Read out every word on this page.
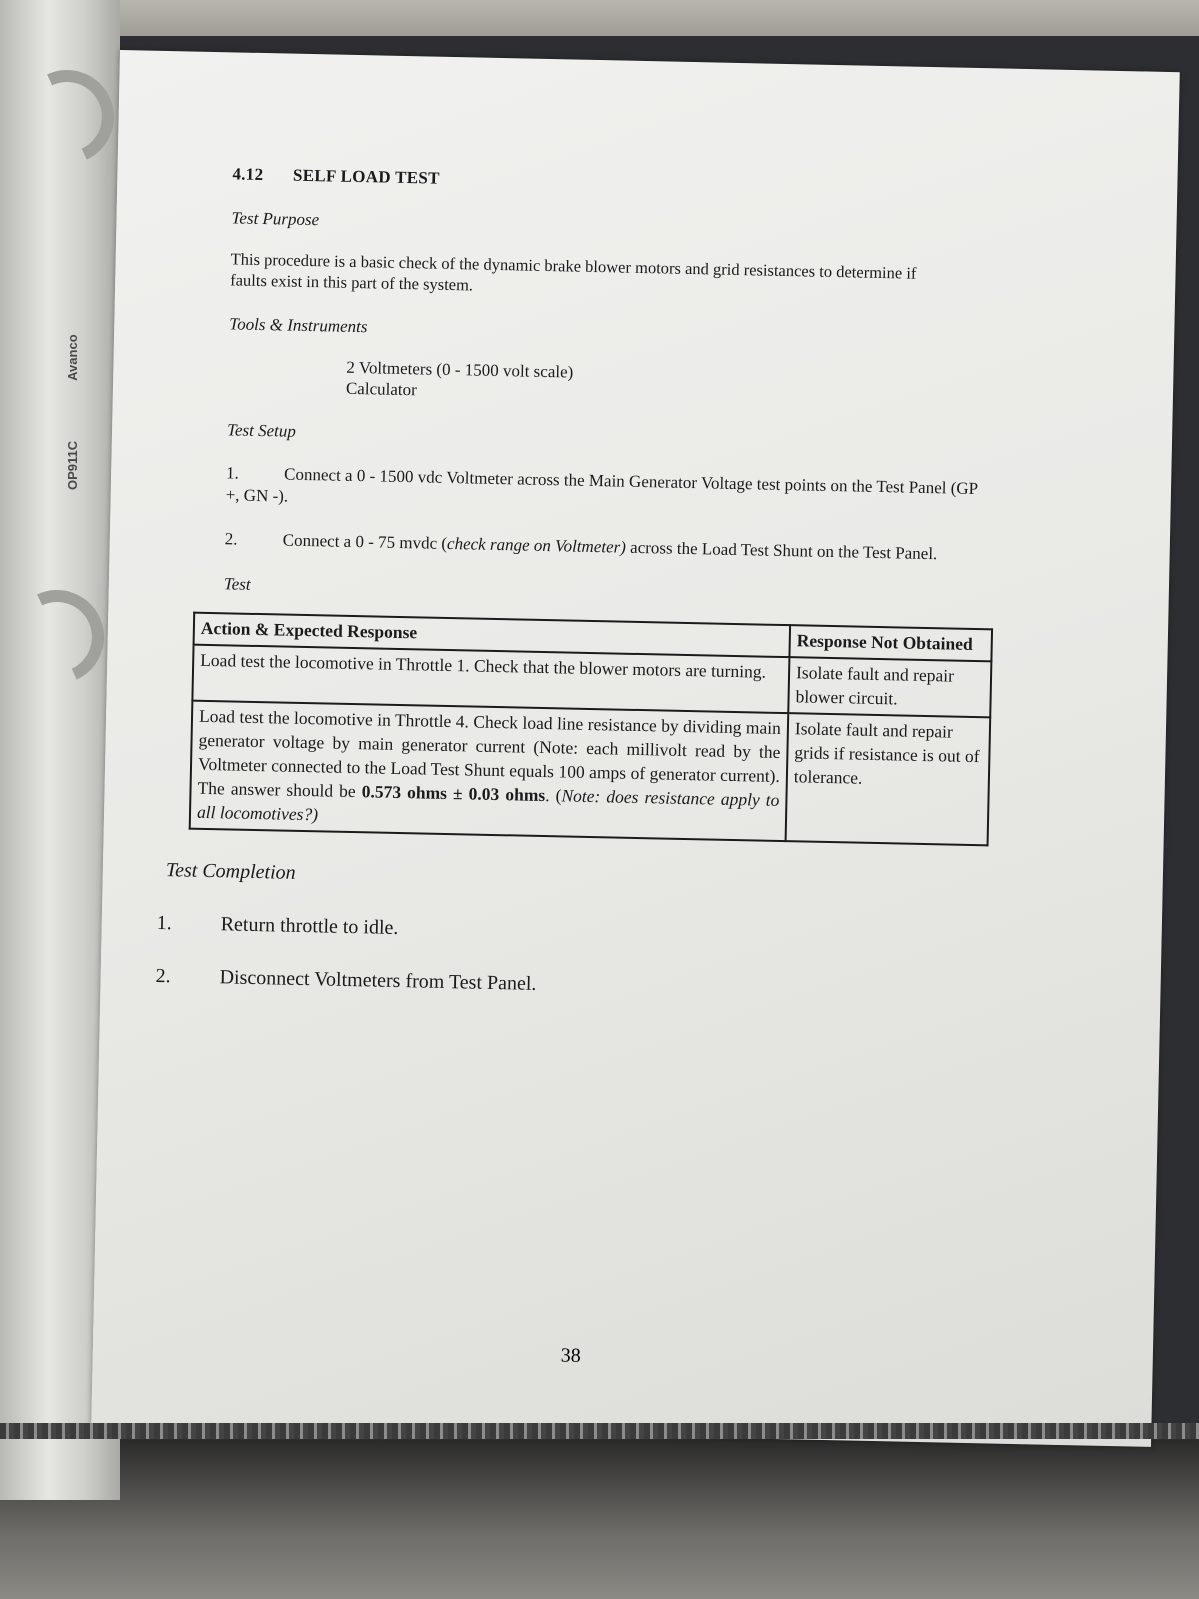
OP911C
Avanco
4.12 SELF LOAD TEST
Test Purpose
This procedure is a basic check of the dynamic brake blower motors and grid resistances to determine if faults exist in this part of the system.
Tools & Instruments
2 Voltmeters (0 - 1500 volt scale)
Calculator
Test Setup
1.	Connect a 0 - 1500 vdc Voltmeter across the Main Generator Voltage test points on the Test Panel (GP +, GN -).
2.	Connect a 0 - 75 mvdc (check range on Voltmeter) across the Load Test Shunt on the Test Panel.
Test
Action & Expected Response	Response Not Obtained
Load test the locomotive in Throttle 1. Check that the blower motors are turning.	Isolate fault and repair blower circuit.
Load test the locomotive in Throttle 4. Check load line resistance by dividing main generator voltage by main generator current (Note: each millivolt read by the Voltmeter connected to the Load Test Shunt equals 100 amps of generator current). The answer should be 0.573 ohms ± 0.03 ohms. (Note: does resistance apply to all locomotives?)	Isolate fault and repair grids if resistance is out of tolerance.
Test Completion
1. Return throttle to idle.
2. Disconnect Voltmeters from Test Panel.
38
